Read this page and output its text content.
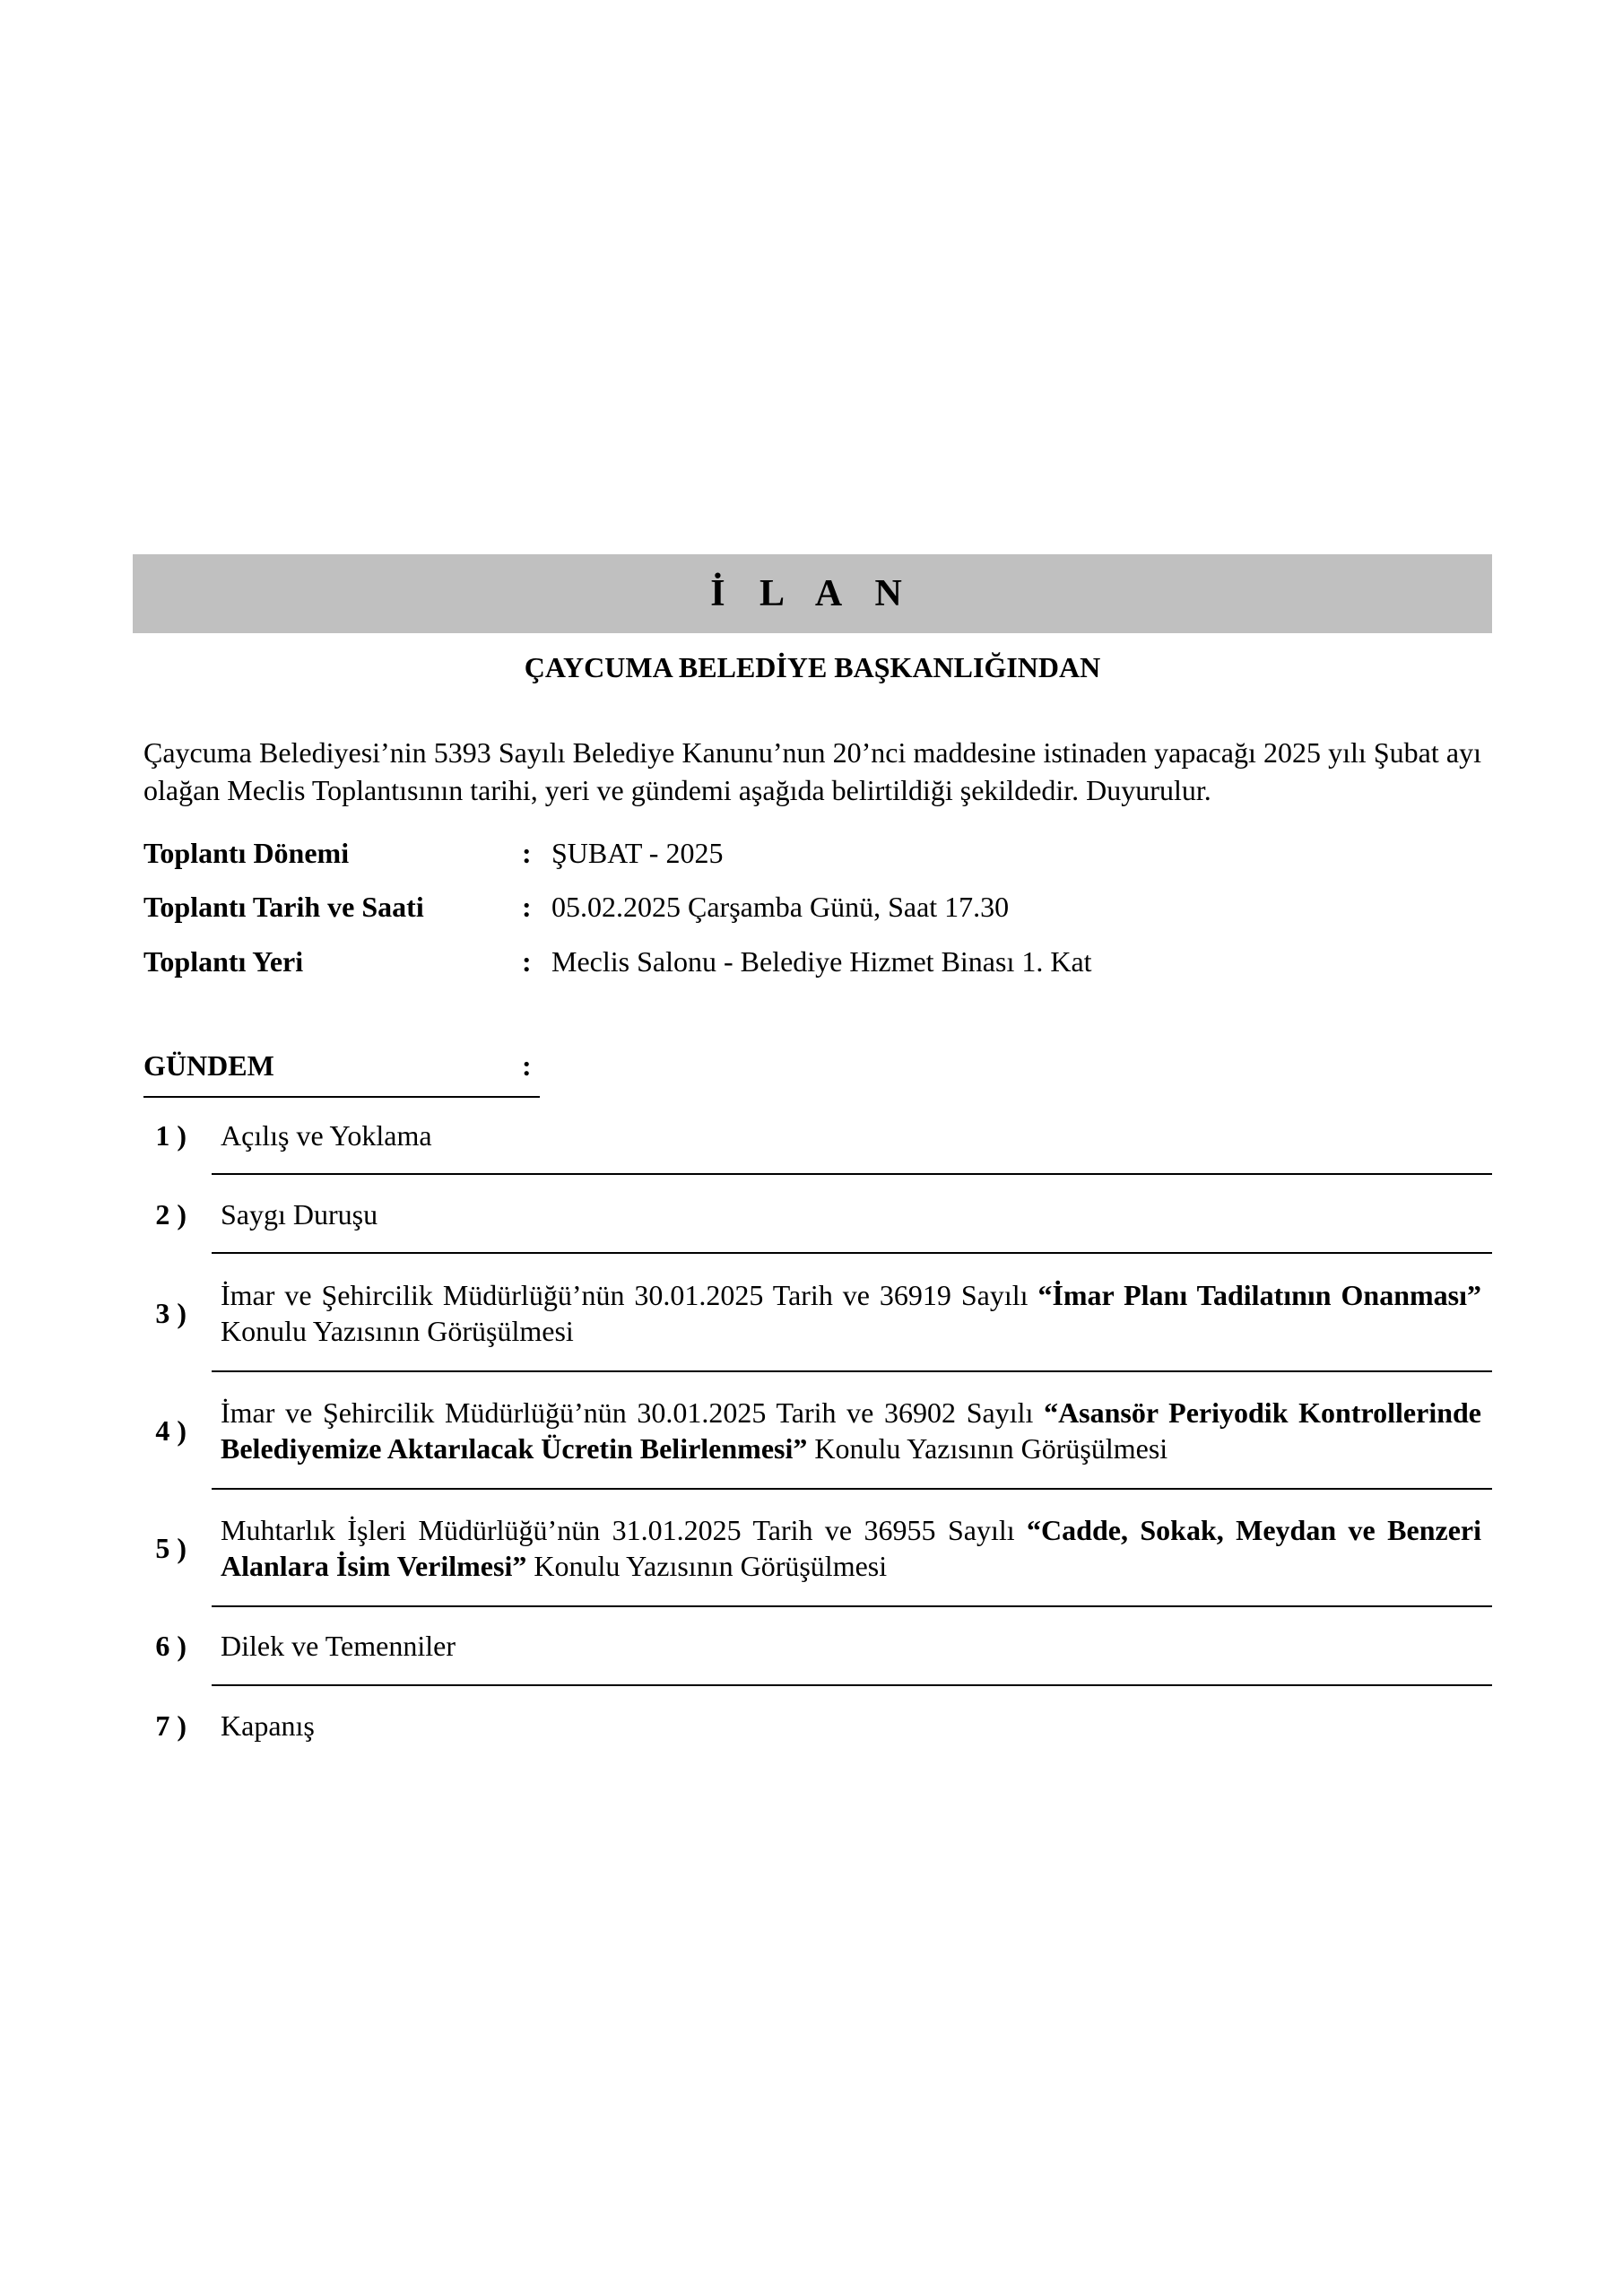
İ L A N
ÇAYCUMA BELEDİYE BAŞKANLIĞINDAN
Çaycuma Belediyesi’nin 5393 Sayılı Belediye Kanunu’nun 20’nci maddesine istinaden yapacağı 2025 yılı Şubat ayı olağan Meclis Toplantısının tarihi, yeri ve gündemi aşağıda belirtildiği şekildedir. Duyurulur.
Toplantı Dönemi	: ŞUBAT - 2025
Toplantı Tarih ve Saati	: 05.02.2025 Çarşamba Günü, Saat 17.30
Toplantı Yeri	: Meclis Salonu - Belediye Hizmet Binası 1. Kat
GÜNDEM	:
1 ) Açılış ve Yoklama
2 ) Saygı Duruşu
3 )
İmar ve Şehircilik Müdürlüğü’nün 30.01.2025 Tarih ve 36919 Sayılı “İmar Planı Tadilatının Onanması” Konulu Yazısının Görüşülmesi
4 )
İmar ve Şehircilik Müdürlüğü’nün 30.01.2025 Tarih ve 36902 Sayılı “Asansör Periyodik Kontrollerinde Belediyemize Aktarılacak Ücretin Belirlenmesi” Konulu Yazısının Görüşülmesi
5 )
Muhtarlık İşleri Müdürlüğü’nün 31.01.2025 Tarih ve 36955 Sayılı “Cadde, Sokak, Meydan ve Benzeri Alanlara İsim Verilmesi” Konulu Yazısının Görüşülmesi
6 ) Dilek ve Temenniler
7 ) Kapanış
